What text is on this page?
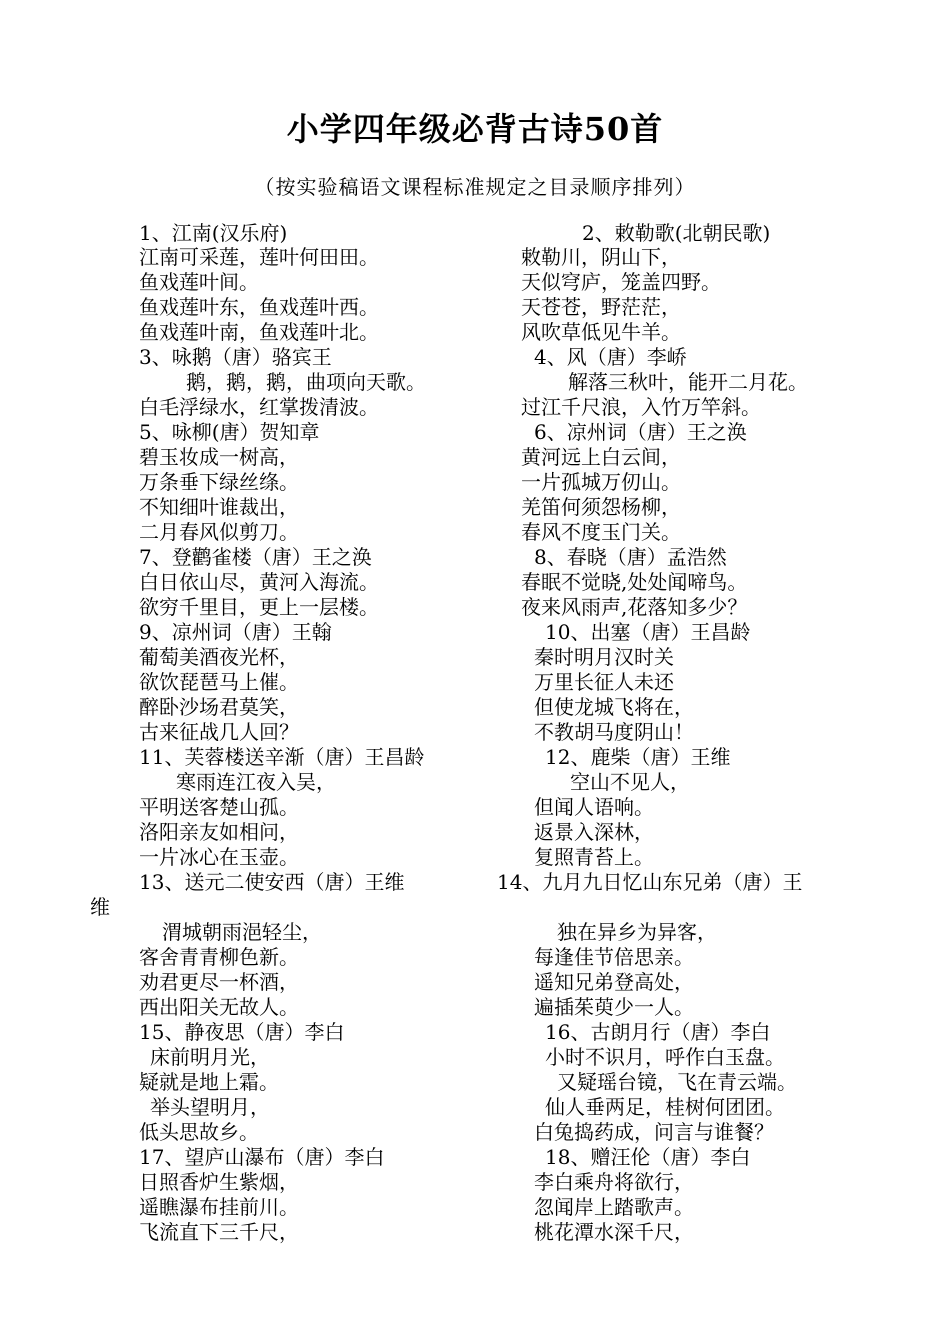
小学四年级必背古诗50首
（按实验稿语文课程标准规定之目录顺序排列）
1、江南(汉乐府)
江南可采莲，莲叶何田田。
鱼戏莲叶间。
鱼戏莲叶东，鱼戏莲叶西。
鱼戏莲叶南，鱼戏莲叶北。
3、咏鹅（唐）骆宾王
鹅，鹅，鹅，曲项向天歌。
白毛浮绿水，红掌拨清波。
5、咏柳(唐）贺知章
碧玉妆成一树高，
万条垂下绿丝绦。
不知细叶谁裁出，
二月春风似剪刀。
7、登鹳雀楼（唐）王之涣
白日依山尽，黄河入海流。
欲穷千里目，更上一层楼。
9、凉州词（唐）王翰
葡萄美酒夜光杯，
欲饮琵琶马上催。
醉卧沙场君莫笑，
古来征战几人回？
11、芙蓉楼送辛渐（唐）王昌龄
寒雨连江夜入吴，
平明送客楚山孤。
洛阳亲友如相问，
一片冰心在玉壶。
13、送元二使安西（唐）王维
维
渭城朝雨浥轻尘，
客舍青青柳色新。
劝君更尽一杯酒，
西出阳关无故人。
15、静夜思（唐）李白
床前明月光，
疑就是地上霜。
举头望明月，
低头思故乡。
17、望庐山瀑布（唐）李白
日照香炉生紫烟，
遥瞧瀑布挂前川。
飞流直下三千尺，
2、敕勒歌(北朝民歌)
敕勒川，阴山下，
天似穹庐，笼盖四野。
天苍苍，野茫茫，
风吹草低见牛羊。
4、风（唐）李峤
解落三秋叶，能开二月花。
过江千尺浪，入竹万竿斜。
6、凉州词（唐）王之涣
黄河远上白云间，
一片孤城万仞山。
羌笛何须怨杨柳，
春风不度玉门关。
8、春晓（唐）孟浩然
春眠不觉晓,处处闻啼鸟。
夜来风雨声,花落知多少？
10、出塞（唐）王昌龄
秦时明月汉时关
万里长征人未还
但使龙城飞将在，
不教胡马度阴山！
12、鹿柴（唐）王维
空山不见人，
但闻人语响。
返景入深林，
复照青苔上。
14、九月九日忆山东兄弟（唐）王
独在异乡为异客，
每逢佳节倍思亲。
遥知兄弟登高处，
遍插茱萸少一人。
16、古朗月行（唐）李白
小时不识月，呼作白玉盘。
又疑瑶台镜，飞在青云端。
仙人垂两足，桂树何团团。
白兔捣药成，问言与谁餐？
18、赠汪伦（唐）李白
李白乘舟将欲行，
忽闻岸上踏歌声。
桃花潭水深千尺，
